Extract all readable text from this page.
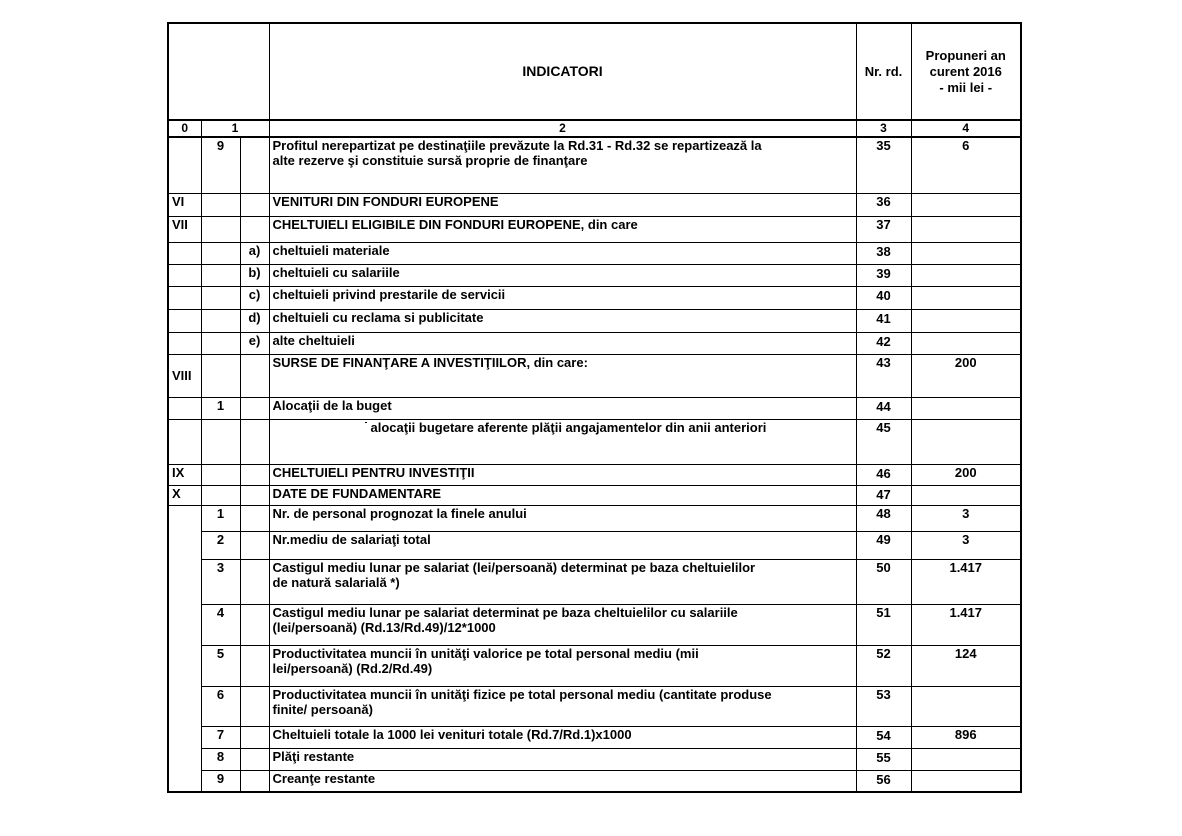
			INDICATORI	Nr. rd.	Propuneri an
curent 2016
- mii lei -

0	1		2	3	4
	9		Profitul nerepartizat pe destinaţiile prevăzute la Rd.31 - Rd.32 se repartizează la
alte rezerve şi constituie sursă proprie de finanţare	35	6
VI			VENITURI DIN FONDURI EUROPENE	36	
VII			CHELTUIELI ELIGIBILE DIN FONDURI EUROPENE, din care	37	
		a)	cheltuieli materiale	38	
		b)	cheltuieli cu salariile	39	
		c)	cheltuieli privind prestarile de servicii	40	
		d)	cheltuieli cu reclama si publicitate	41	
		e)	alte cheltuieli	42	
VIII			SURSE DE FINANŢARE A INVESTIŢIILOR, din care:	43	200
	1		Alocaţii de la buget	44	

			alocaţii bugetare aferente plăţii angajamentelor din anii anteriori	45	
IX			CHELTUIELI PENTRU INVESTIŢII	46	200
X			DATE DE FUNDAMENTARE	47	
	1		Nr. de personal prognozat la finele anului	48	3
	2		Nr.mediu de salariaţi total	49	3
	3		Castigul mediu lunar pe salariat (lei/persoană) determinat pe baza cheltuielilor
de natură salarială *)	50	1.417
	4		Castigul mediu lunar pe salariat determinat pe baza cheltuielilor cu salariile
(lei/persoană) (Rd.13/Rd.49)/12*1000	51	1.417
	5		Productivitatea muncii în unităţi valorice pe total personal mediu (mii
lei/persoană) (Rd.2/Rd.49)	52	124
	6		Productivitatea muncii în unităţi fizice pe total personal mediu (cantitate produse
finite/ persoană)	53	
	7		Cheltuieli totale la 1000 lei venituri totale (Rd.7/Rd.1)x1000	54	896
	8		Plăţi restante	55	
	9		Creanţe restante	56	
